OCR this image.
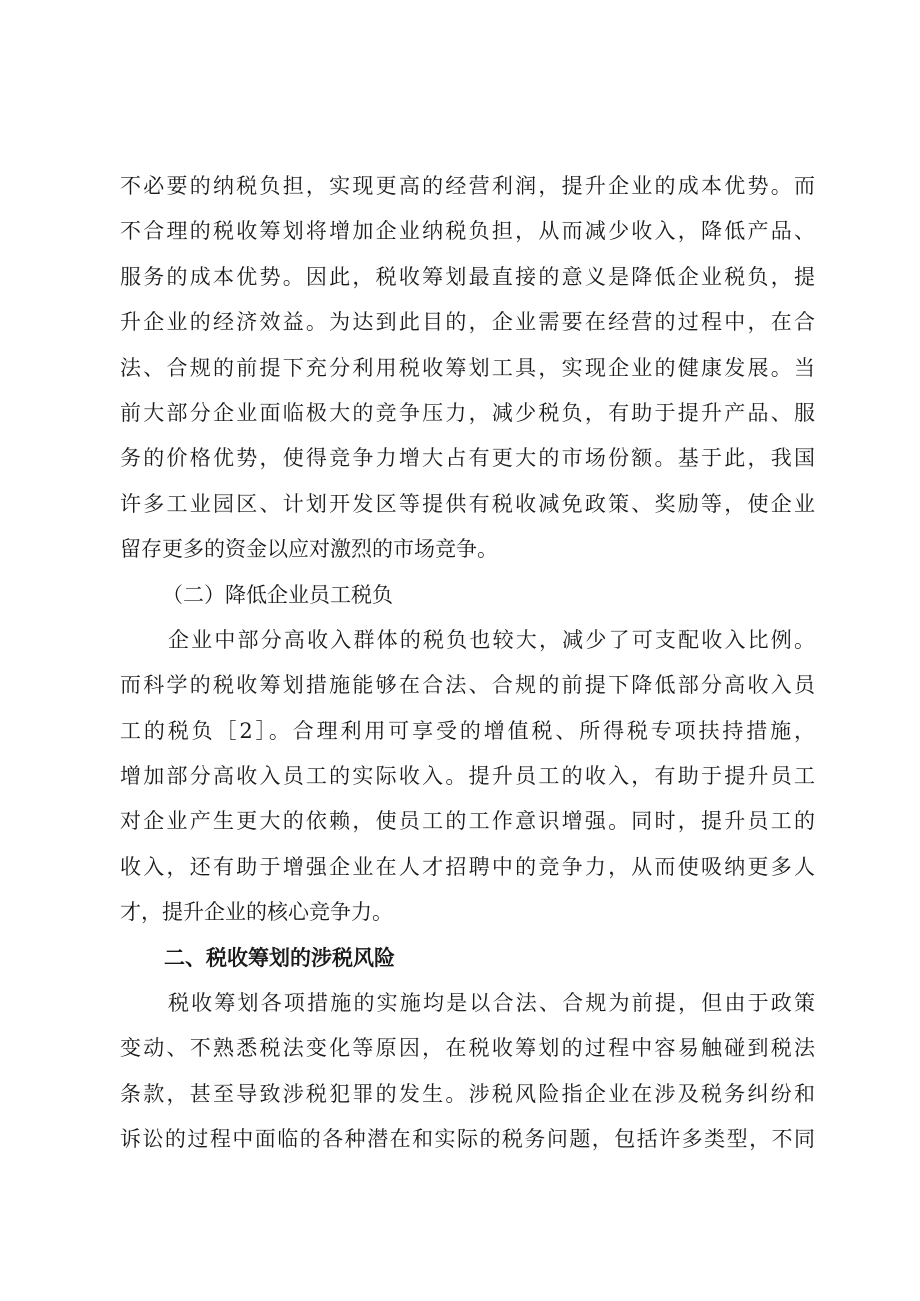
不必要的纳税负担，实现更高的经营利润，提升企业的成本优势。而
不合理的税收筹划将增加企业纳税负担，从而减少收入，降低产品、
服务的成本优势。因此，税收筹划最直接的意义是降低企业税负，提
升企业的经济效益。为达到此目的，企业需要在经营的过程中，在合
法、合规的前提下充分利用税收筹划工具，实现企业的健康发展。当
前大部分企业面临极大的竞争压力，减少税负，有助于提升产品、服
务的价格优势，使得竞争力增大占有更大的市场份额。基于此，我国
许多工业园区、计划开发区等提供有税收减免政策、奖励等，使企业
留存更多的资金以应对激烈的市场竞争。
（二）降低企业员工税负
企业中部分高收入群体的税负也较大，减少了可支配收入比例。
而科学的税收筹划措施能够在合法、合规的前提下降低部分高收入员
工的税负［2］。合理利用可享受的增值税、所得税专项扶持措施，
增加部分高收入员工的实际收入。提升员工的收入，有助于提升员工
对企业产生更大的依赖，使员工的工作意识增强。同时，提升员工的
收入，还有助于增强企业在人才招聘中的竞争力，从而使吸纳更多人
才，提升企业的核心竞争力。
二、税收筹划的涉税风险
税收筹划各项措施的实施均是以合法、合规为前提，但由于政策
变动、不熟悉税法变化等原因，在税收筹划的过程中容易触碰到税法
条款，甚至导致涉税犯罪的发生。涉税风险指企业在涉及税务纠纷和
诉讼的过程中面临的各种潜在和实际的税务问题，包括许多类型，不同
